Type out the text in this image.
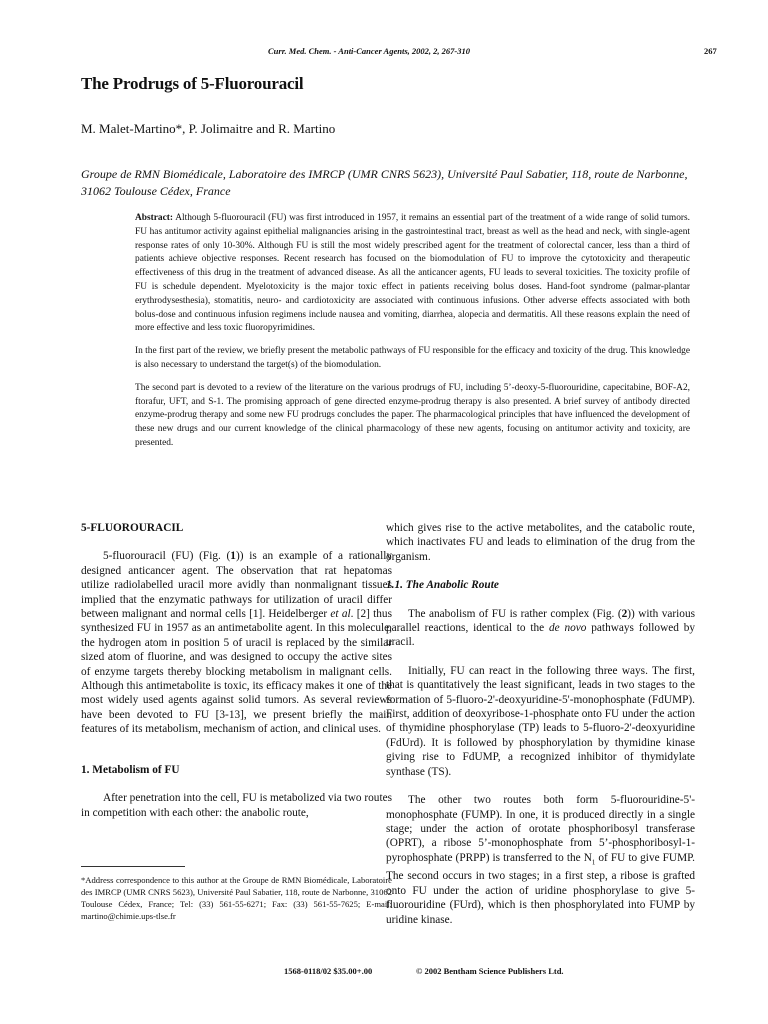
Curr. Med. Chem. - Anti-Cancer Agents, 2002, 2, 267-310	267
The Prodrugs of 5-Fluorouracil
M. Malet-Martino*, P. Jolimaitre and R. Martino
Groupe de RMN Biomédicale, Laboratoire des IMRCP (UMR CNRS 5623), Université Paul Sabatier, 118, route de Narbonne, 31062 Toulouse Cédex, France

Abstract: Although 5-fluorouracil (FU) was first introduced in 1957, it remains an essential part of the treatment of a wide range of solid tumors. FU has antitumor activity against epithelial malignancies arising in the gastrointestinal tract, breast as well as the head and neck, with single-agent response rates of only 10-30%. Although FU is still the most widely prescribed agent for the treatment of colorectal cancer, less than a third of patients achieve objective responses. Recent research has focused on the biomodulation of FU to improve the cytotoxicity and therapeutic effectiveness of this drug in the treatment of advanced disease. As all the anticancer agents, FU leads to several toxicities. The toxicity profile of FU is schedule dependent. Myelotoxicity is the major toxic effect in patients receiving bolus doses. Hand-foot syndrome (palmar-plantar erythrodysesthesia), stomatitis, neuro- and cardiotoxicity are associated with continuous infusions. Other adverse effects associated with both bolus-dose and continuous infusion regimens include nausea and vomiting, diarrhea, alopecia and dermatitis. All these reasons explain the need of more effective and less toxic fluoropyrimidines.

In the first part of the review, we briefly present the metabolic pathways of FU responsible for the efficacy and toxicity of the drug. This knowledge is also necessary to understand the target(s) of the biomodulation.

The second part is devoted to a review of the literature on the various prodrugs of FU, including 5’-deoxy-5-fluorouridine, capecitabine, BOF-A2, ftorafur, UFT, and S-1. The promising approach of gene directed enzyme-prodrug therapy is also presented. A brief survey of antibody directed enzyme-prodrug therapy and some new FU prodrugs concludes the paper. The pharmacological principles that have influenced the development of these new drugs and our current knowledge of the clinical pharmacology of these new agents, focusing on antitumor activity and toxicity, are presented.

5-FLUOROURACIL

5-fluorouracil (FU) (Fig. (1)) is an example of a rationally designed anticancer agent. The observation that rat hepatomas utilize radiolabelled uracil more avidly than nonmalignant tissues implied that the enzymatic pathways for utilization of uracil differ between malignant and normal cells [1]. Heidelberger et al. [2] thus synthesized FU in 1957 as an antimetabolite agent. In this molecule, the hydrogen atom in position 5 of uracil is replaced by the similar sized atom of fluorine, and was designed to occupy the active sites of enzyme targets thereby blocking metabolism in malignant cells. Although this antimetabolite is toxic, its efficacy makes it one of the most widely used agents against solid tumors. As several reviews have been devoted to FU [3-13], we present briefly the main features of its metabolism, mechanism of action, and clinical uses.

1. Metabolism of FU

After penetration into the cell, FU is metabolized via two routes in competition with each other: the anabolic route,

which gives rise to the active metabolites, and the catabolic route, which inactivates FU and leads to elimination of the drug from the organism.

1.1. The Anabolic Route

The anabolism of FU is rather complex (Fig. (2)) with various parallel reactions, identical to the de novo pathways followed by uracil.

Initially, FU can react in the following three ways. The first, that is quantitatively the least significant, leads in two stages to the formation of 5-fluoro-2'-deoxyuridine-5'-monophosphate (FdUMP). First, addition of deoxyribose-1-phosphate onto FU under the action of thymidine phosphorylase (TP) leads to 5-fluoro-2'-deoxyuridine (FdUrd). It is followed by phosphorylation by thymidine kinase giving rise to FdUMP, a recognized inhibitor of thymidylate synthase (TS).

The other two routes both form 5-fluorouridine-5'-monophosphate (FUMP). In one, it is produced directly in a single stage; under the action of orotate phosphoribosyl transferase (OPRT), a ribose 5’-monophosphate from 5’-phosphoribosyl-1-pyrophosphate (PRPP) is transferred to the $N_1$ of FU to give FUMP. The second occurs in two stages; in a first step, a ribose is grafted onto FU under the action of uridine phosphorylase to give 5-fluorouridine (FUrd), which is then phosphorylated into FUMP by uridine kinase.

*Address correspondence to this author at the Groupe de RMN Biomédicale, Laboratoire des IMRCP (UMR CNRS 5623), Université Paul Sabatier, 118, route de Narbonne, 31062 Toulouse Cédex, France; Tel: (33) 561-55-6271; Fax: (33) 561-55-7625; E-mail: martino@chimie.ups-tlse.fr
1568-0118/02 $35.00+.00	© 2002 Bentham Science Publishers Ltd.
